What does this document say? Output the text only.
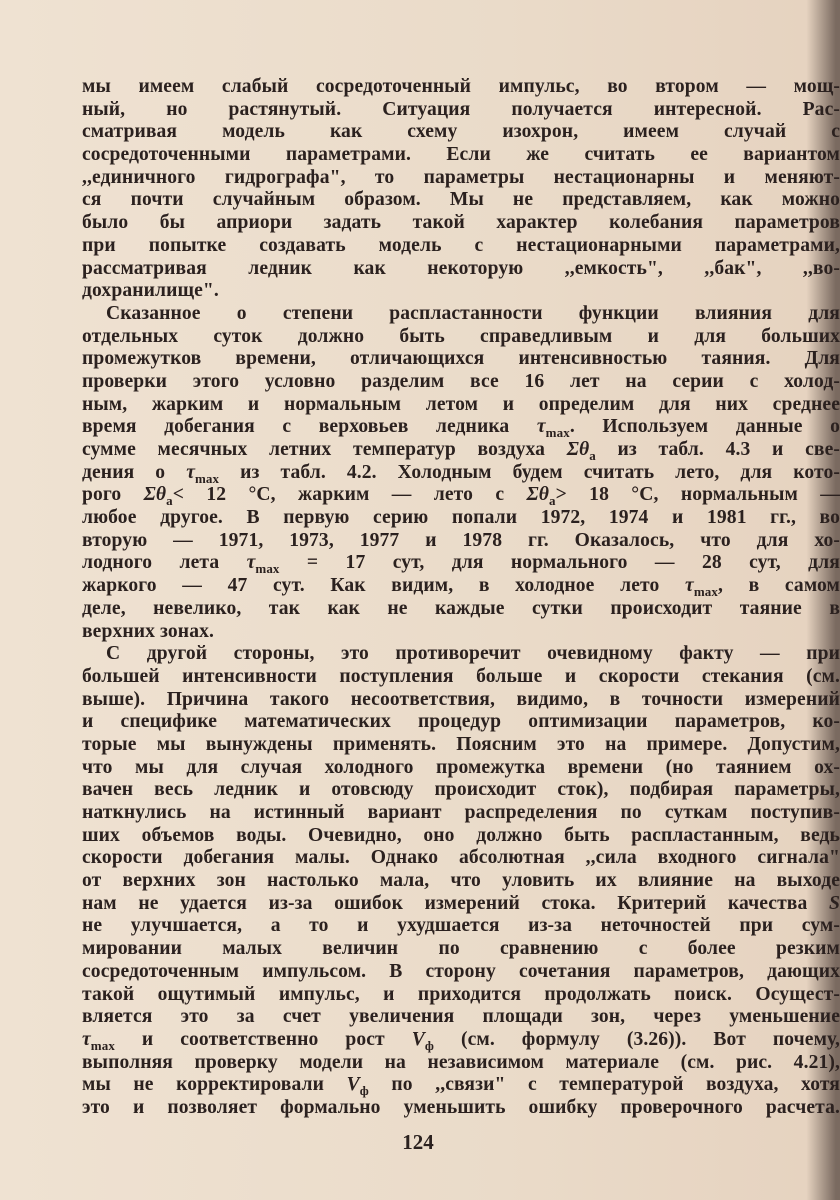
мы имеем слабый сосредоточенный импульс, во втором — мощ-
ный, но растянутый. Ситуация получается интересной. Рас-
сматривая модель как схему изохрон, имеем случай с
сосредоточенными параметрами. Если же считать ее вариантом
,,единичного гидрографа", то параметры нестационарны и меняют-
ся почти случайным образом. Мы не представляем, как можно
было бы априори задать такой характер колебания параметров
при попытке создавать модель с нестационарными параметрами,
рассматривая ледник как некоторую ,,емкость", ,,бак", ,,во-
дохранилище".
Сказанное о степени распластанности функции влияния для
отдельных суток должно быть справедливым и для больших
промежутков времени, отличающихся интенсивностью таяния. Для
проверки этого условно разделим все 16 лет на серии с холод-
ным, жарким и нормальным летом и определим для них среднее
время добегания с верховьев ледника $\tau_{max}$. Используем данные о
сумме месячных летних температур воздуха $\Sigma\theta_a$ из табл. 4.3 и све-
дения о $\tau_{max}$ из табл. 4.2. Холодным будем считать лето, для кото-
рого $\Sigma\theta_a< 12$ °С, жарким — лето с $\Sigma\theta_a> 18$ °С, нормальным —
любое другое. В первую серию попали 1972, 1974 и 1981 гг., во
вторую — 1971, 1973, 1977 и 1978 гг. Оказалось, что для хо-
лодного лета $\tau_{max} = 17$ сут, для нормального — 28 сут, для
жаркого — 47 сут. Как видим, в холодное лето $\tau_{max}$, в самом
деле, невелико, так как не каждые сутки происходит таяние в
верхних зонах.
С другой стороны, это противоречит очевидному факту — при
большей интенсивности поступления больше и скорости стекания (см.
выше). Причина такого несоответствия, видимо, в точности измерений
и специфике математических процедур оптимизации параметров, ко-
торые мы вынуждены применять. Поясним это на примере. Допустим,
что мы для случая холодного промежутка времени (но таянием ох-
вачен весь ледник и отовсюду происходит сток), подбирая параметры,
наткнулись на истинный вариант распределения по суткам поступив-
ших объемов воды. Очевидно, оно должно быть распластанным, ведь
скорости добегания малы. Однако абсолютная ,,сила входного сигнала"
от верхних зон настолько мала, что уловить их влияние на выходе
нам не удается из-за ошибок измерений стока. Критерий качества S
не улучшается, а то и ухудшается из-за неточностей при сум-
мировании малых величин по сравнению с более резким
сосредоточенным импульсом. В сторону сочетания параметров, дающих
такой ощутимый импульс, и приходится продолжать поиск. Осущест-
вляется это за счет увеличения площади зон, через уменьшение
$\tau_{max}$ и соответственно рост $V_ф$ (см. формулу (3.26)). Вот почему,
выполняя проверку модели на независимом материале (см. рис. 4.21),
мы не корректировали $V_ф$ по ,,связи" с температурой воздуха, хотя
это и позволяет формально уменьшить ошибку проверочного расчета.
124
